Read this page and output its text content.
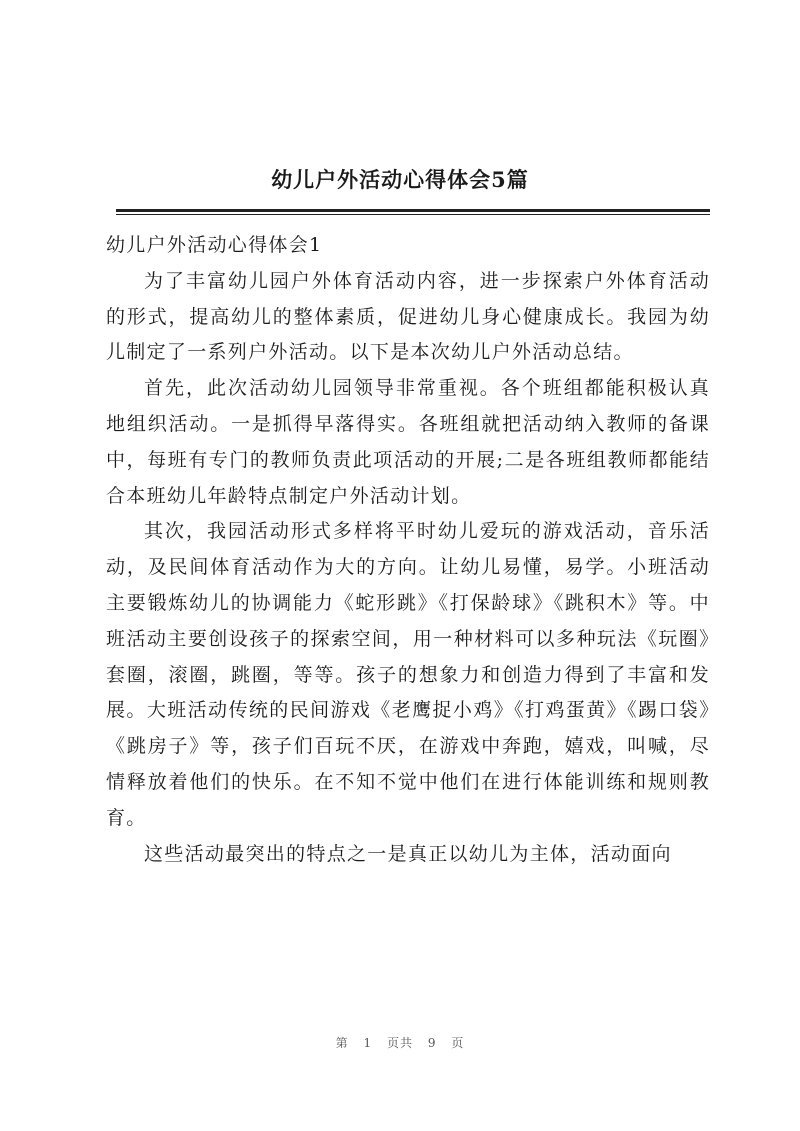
幼儿户外活动心得体会5篇

幼儿户外活动心得体会1

为了丰富幼儿园户外体育活动内容，进一步探索户外体育活动的形式，提高幼儿的整体素质，促进幼儿身心健康成长。我园为幼儿制定了一系列户外活动。以下是本次幼儿户外活动总结。

首先，此次活动幼儿园领导非常重视。各个班组都能积极认真地组织活动。一是抓得早落得实。各班组就把活动纳入教师的备课中，每班有专门的教师负责此项活动的开展;二是各班组教师都能结合本班幼儿年龄特点制定户外活动计划。

其次，我园活动形式多样将平时幼儿爱玩的游戏活动，音乐活动，及民间体育活动作为大的方向。让幼儿易懂，易学。小班活动主要锻炼幼儿的协调能力《蛇形跳》《打保龄球》《跳积木》等。中班活动主要创设孩子的探索空间，用一种材料可以多种玩法《玩圈》套圈，滚圈，跳圈，等等。孩子的想象力和创造力得到了丰富和发展。大班活动传统的民间游戏《老鹰捉小鸡》《打鸡蛋黄》《踢口袋》《跳房子》等，孩子们百玩不厌，在游戏中奔跑，嬉戏，叫喊，尽情释放着他们的快乐。在不知不觉中他们在进行体能训练和规则教育。

这些活动最突出的特点之一是真正以幼儿为主体，活动面向

第 1 页共 9 页
